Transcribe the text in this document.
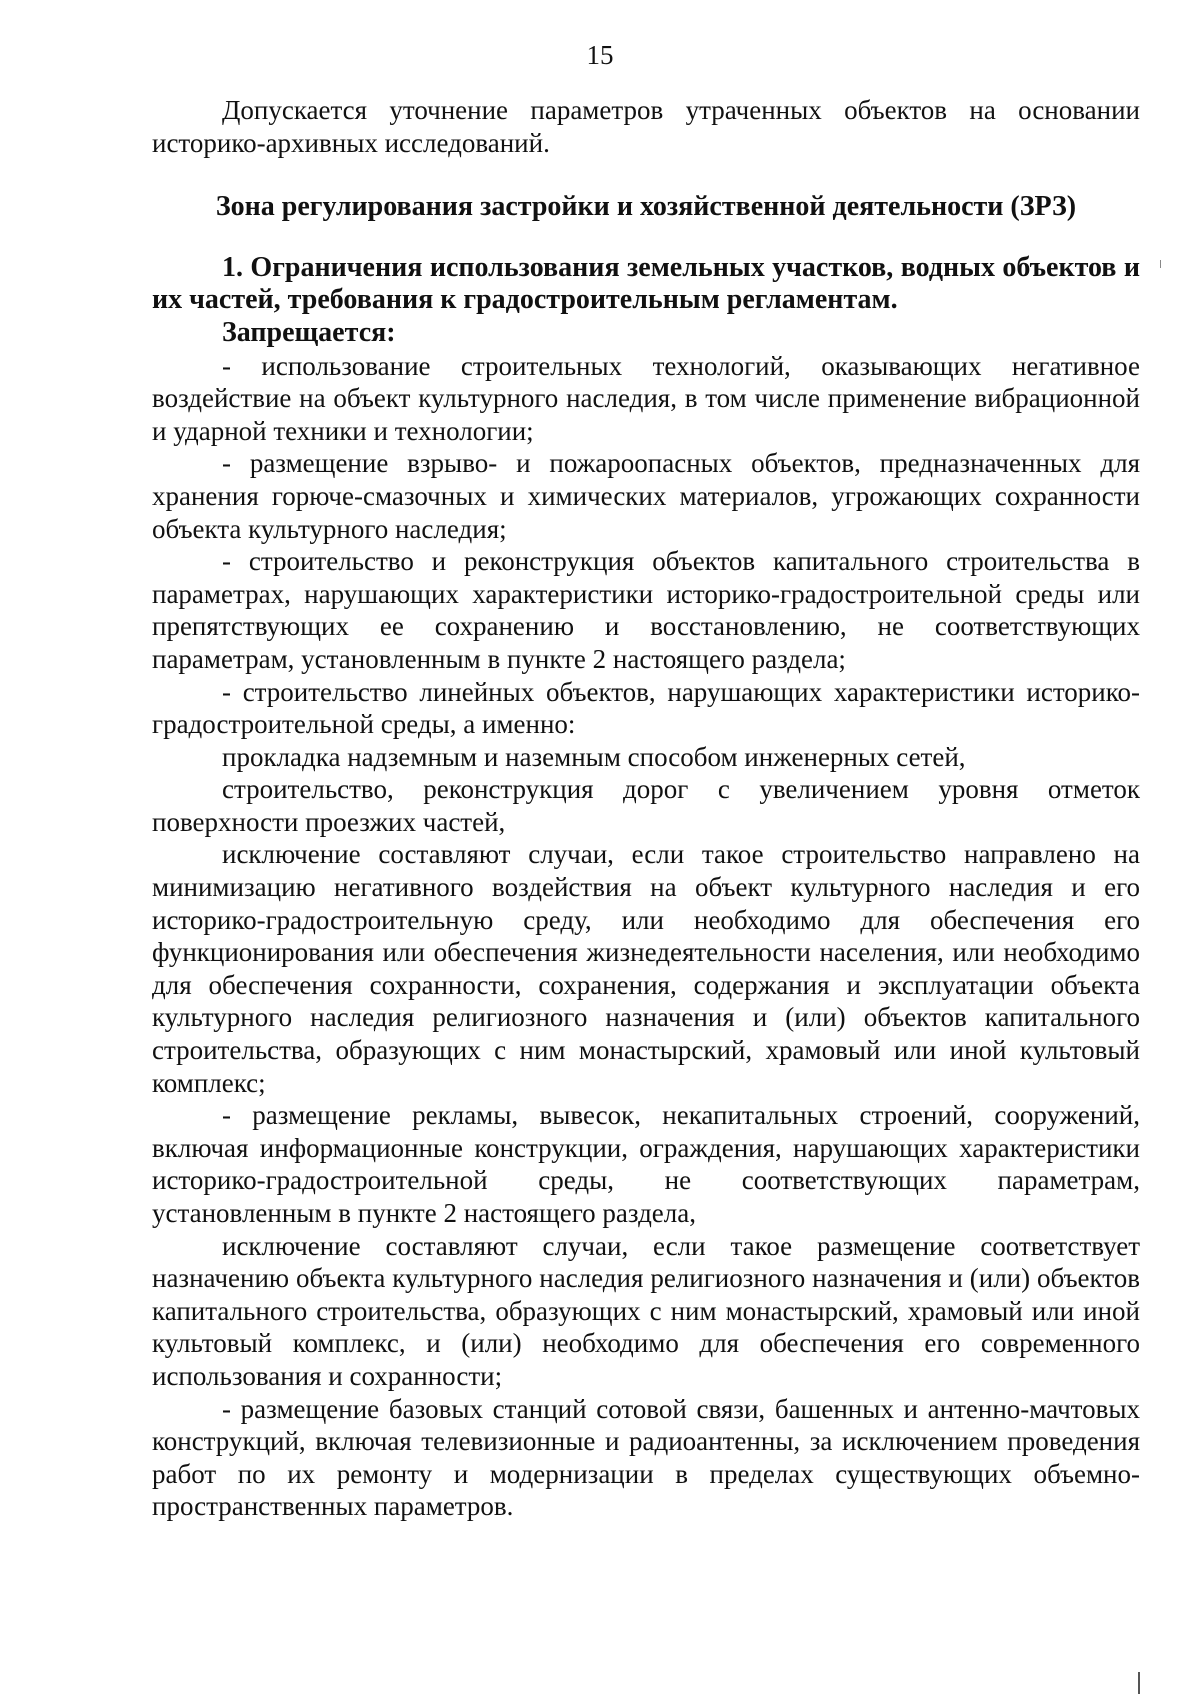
15

Допускается уточнение параметров утраченных объектов на основании историко-архивных исследований.

Зона регулирования застройки и хозяйственной деятельности (ЗРЗ)

1. Ограничения использования земельных участков, водных объектов и их частей, требования к градостроительным регламентам.

Запрещается:

- использование строительных технологий, оказывающих негативное воздействие на объект культурного наследия, в том числе применение вибрационной и ударной техники и технологии;

- размещение взрыво- и пожароопасных объектов, предназначенных для хранения горюче-смазочных и химических материалов, угрожающих сохранности объекта культурного наследия;

- строительство и реконструкция объектов капитального строительства в параметрах, нарушающих характеристики историко-градостроительной среды или препятствующих ее сохранению и восстановлению, не соответствующих параметрам, установленным в пункте 2 настоящего раздела;

- строительство линейных объектов, нарушающих характеристики историко-градостроительной среды, а именно:

прокладка надземным и наземным способом инженерных сетей,

строительство, реконструкция дорог с увеличением уровня отметок поверхности проезжих частей,

исключение составляют случаи, если такое строительство направлено на минимизацию негативного воздействия на объект культурного наследия и его историко-градостроительную среду, или необходимо для обеспечения его функционирования или обеспечения жизнедеятельности населения, или необходимо для обеспечения сохранности, сохранения, содержания и эксплуатации объекта культурного наследия религиозного назначения и (или) объектов капитального строительства, образующих с ним монастырский, храмовый или иной культовый комплекс;

- размещение рекламы, вывесок, некапитальных строений, сооружений, включая информационные конструкции, ограждения, нарушающих характеристики историко-градостроительной среды, не соответствующих параметрам, установленным в пункте 2 настоящего раздела,

исключение составляют случаи, если такое размещение соответствует назначению объекта культурного наследия религиозного назначения и (или) объектов капитального строительства, образующих с ним монастырский, храмовый или иной культовый комплекс, и (или) необходимо для обеспечения его современного использования и сохранности;

- размещение базовых станций сотовой связи, башенных и антенно-мачтовых конструкций, включая телевизионные и радиоантенны, за исключением проведения работ по их ремонту и модернизации в пределах существующих объемно-пространственных параметров.
